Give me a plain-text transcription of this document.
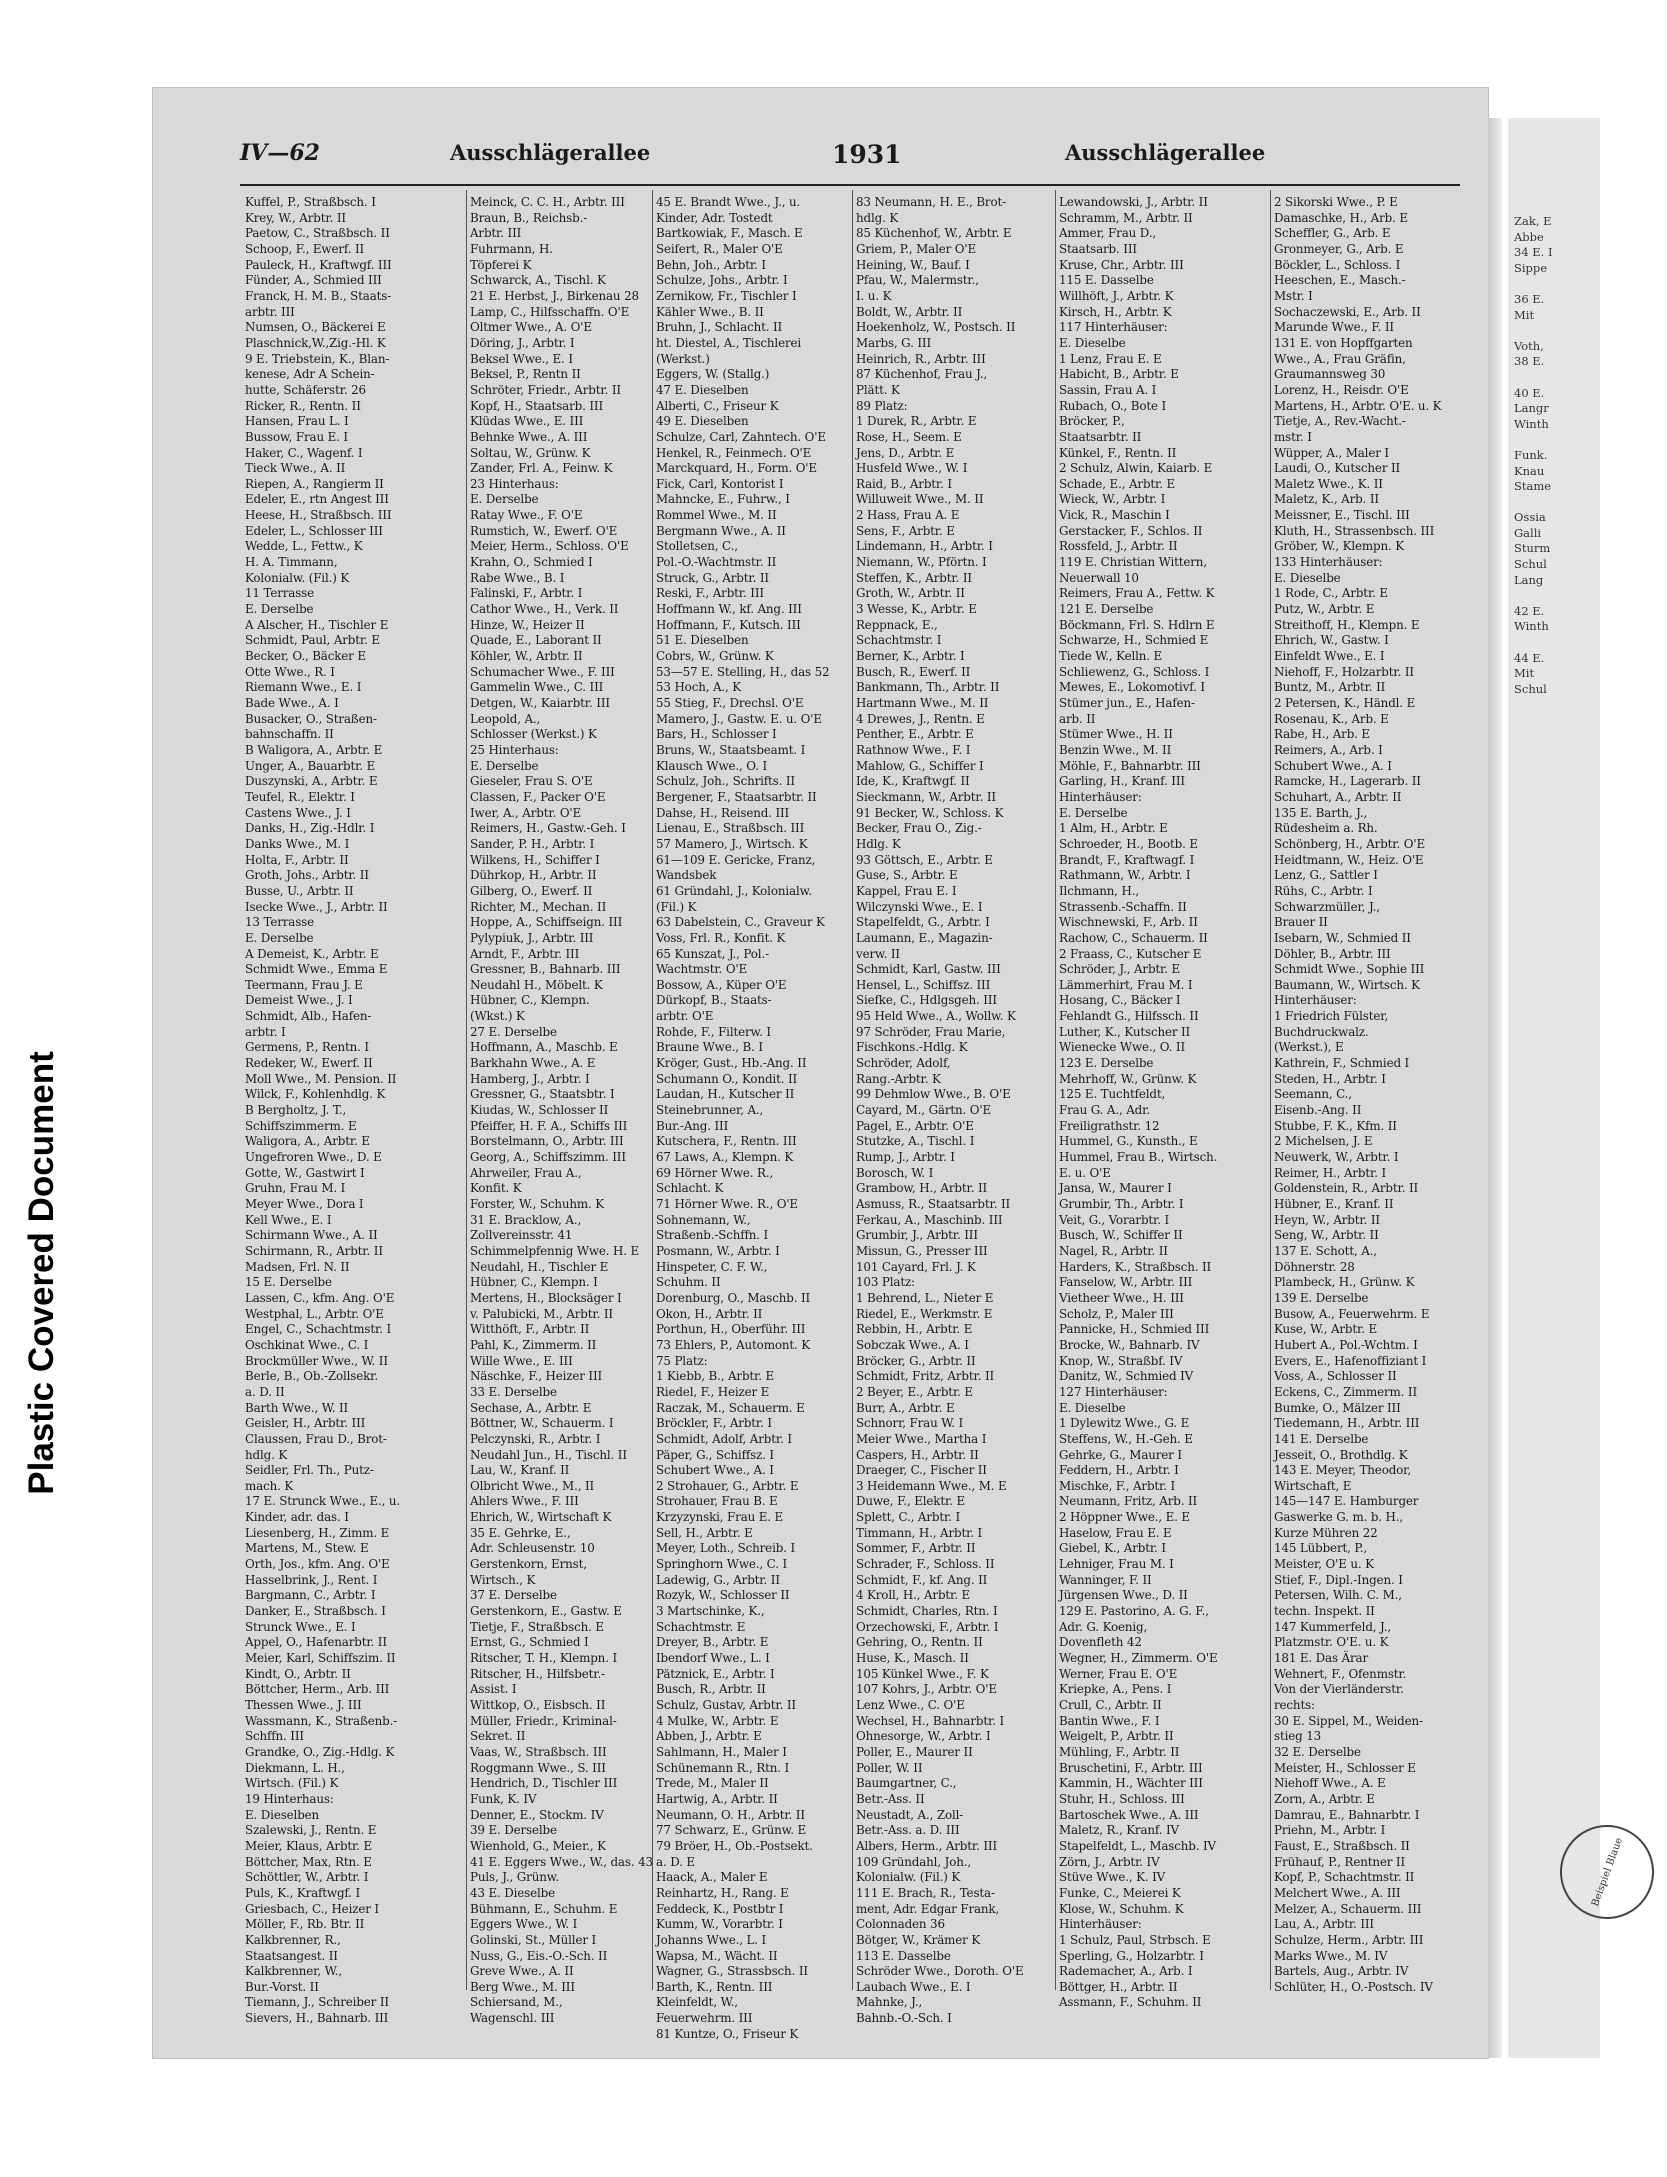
Plastic Covered Document
Zak, E
Abbe
34 E. I
Sippe

36 E.
Mit

Voth,
38 E.

40 E.
Langr
Winth

Funk.
Knau
Stame

Ossia
Galli
Sturm
Schul
Lang

42 E.
Winth

44 E.
Mit
Schul
Beispiel Blaue
IV—62	Ausschlägerallee	1931	Ausschlägerallee
Kuffel, P., Straßbsch. I
Krey, W., Arbtr. II
Paetow, C., Straßbsch. II
Schoop, F., Ewerf. II
Pauleck, H., Kraftwgf. III
Fünder, A., Schmied III
Franck, H. M. B., Staats-
arbtr. III
Numsen, O., Bäckerei E
Plaschnick,W.,Zig.-Hl. K
9 E. Triebstein, K., Blan-
kenese, Adr A Schein-
hutte, Schäferstr. 26
Ricker, R., Rentn. II
Hansen, Frau L. I
Bussow, Frau E. I
Haker, C., Wagenf. I
Tieck Wwe., A. II
Riepen, A., Rangierm II
Edeler, E., rtn Angest III
Heese, H., Straßbsch. III
Edeler, L., Schlosser III
Wedde, L., Fettw., K
H. A. Timmann,
Kolonialw. (Fil.) K
11 Terrasse
E. Derselbe
A Alscher, H., Tischler E
Schmidt, Paul, Arbtr. E
Becker, O., Bäcker E
Otte Wwe., R. I
Riemann Wwe., E. I
Bade Wwe., A. I
Busacker, O., Straßen-
bahnschaffn. II
B Waligora, A., Arbtr. E
Unger, A., Bauarbtr. E
Duszynski, A., Arbtr. E
Teufel, R., Elektr. I
Castens Wwe., J. I
Danks, H., Zig.-Hdlr. I
Danks Wwe., M. I
Holta, F., Arbtr. II
Groth, Johs., Arbtr. II
Busse, U., Arbtr. II
Isecke Wwe., J., Arbtr. II
13 Terrasse
E. Derselbe
A Demeist, K., Arbtr. E
Schmidt Wwe., Emma E
Teermann, Frau J. E
Demeist Wwe., J. I
Schmidt, Alb., Hafen-
arbtr. I
Germens, P., Rentn. I
Redeker, W., Ewerf. II
Moll Wwe., M. Pension. II
Wilck, F., Kohlenhdlg. K
B Bergholtz, J. T.,
Schiffszimmerm. E
Waligora, A., Arbtr. E
Ungefroren Wwe., D. E
Gotte, W., Gastwirt I
Gruhn, Frau M. I
Meyer Wwe., Dora I
Kell Wwe., E. I
Schirmann Wwe., A. II
Schirmann, R., Arbtr. II
Madsen, Frl. N. II
15 E. Derselbe
Lassen, C., kfm. Ang. O'E
Westphal, L., Arbtr. O'E
Engel, C., Schachtmstr. I
Oschkinat Wwe., C. I
Brockmüller Wwe., W. II
Berle, B., Ob.-Zollsekr.
a. D. II
Barth Wwe., W. II
Geisler, H., Arbtr. III
Claussen, Frau D., Brot-
hdlg. K
Seidler, Frl. Th., Putz-
mach. K
17 E. Strunck Wwe., E., u.
Kinder, adr. das. I
Liesenberg, H., Zimm. E
Martens, M., Stew. E
Orth, Jos., kfm. Ang. O'E
Hasselbrink, J., Rent. I
Bargmann, C., Arbtr. I
Danker, E., Straßbsch. I
Strunck Wwe., E. I
Appel, O., Hafenarbtr. II
Meier, Karl, Schiffszim. II
Kindt, O., Arbtr. II
Böttcher, Herm., Arb. III
Thessen Wwe., J. III
Wassmann, K., Straßenb.-
Schffn. III
Grandke, O., Zig.-Hdlg. K
Diekmann, L. H.,
Wirtsch. (Fil.) K
19 Hinterhaus:
E. Dieselben
Szalewski, J., Rentn. E
Meier, Klaus, Arbtr. E
Böttcher, Max, Rtn. E
Schöttler, W., Arbtr. I
Puls, K., Kraftwgf. I
Griesbach, C., Heizer I
Möller, F., Rb. Btr. II
Kalkbrenner, R.,
Staatsangest. II
Kalkbrenner, W.,
Bur.-Vorst. II
Tiemann, J., Schreiber II
Sievers, H., Bahnarb. III
Meinck, C. C. H., Arbtr. III
Braun, B., Reichsb.-
Arbtr. III
Fuhrmann, H.
Töpferei K
Schwarck, A., Tischl. K
21 E. Herbst, J., Birkenau 28
Lamp, C., Hilfsschaffn. O'E
Oltmer Wwe., A. O'E
Döring, J., Arbtr. I
Beksel Wwe., E. I
Beksel, P., Rentn II
Schröter, Friedr., Arbtr. II
Kopf, H., Staatsarb. III
Klüdas Wwe., E. III
Behnke Wwe., A. III
Soltau, W., Grünw. K
Zander, Frl. A., Feinw. K
23 Hinterhaus:
E. Derselbe
Ratay Wwe., F. O'E
Rumstich, W., Ewerf. O'E
Meier, Herm., Schloss. O'E
Krahn, O., Schmied I
Rabe Wwe., B. I
Falinski, F., Arbtr. I
Cathor Wwe., H., Verk. II
Hinze, W., Heizer II
Quade, E., Laborant II
Köhler, W., Arbtr. II
Schumacher Wwe., F. III
Gammelin Wwe., C. III
Detgen, W., Kaiarbtr. III
Leopold, A.,
Schlosser (Werkst.) K
25 Hinterhaus:
E. Derselbe
Gieseler, Frau S. O'E
Classen, F., Packer O'E
Iwer, A., Arbtr. O'E
Reimers, H., Gastw.-Geh. I
Sander, P. H., Arbtr. I
Wilkens, H., Schiffer I
Dührkop, H., Arbtr. II
Gilberg, O., Ewerf. II
Richter, M., Mechan. II
Hoppe, A., Schiffseign. III
Pylypiuk, J., Arbtr. III
Arndt, F., Arbtr. III
Gressner, B., Bahnarb. III
Neudahl H., Möbelt. K
Hübner, C., Klempn.
(Wkst.) K
27 E. Derselbe
Hoffmann, A., Maschb. E
Barkhahn Wwe., A. E
Hamberg, J., Arbtr. I
Gressner, G., Staatsbtr. I
Kiudas, W., Schlosser II
Pfeiffer, H. F. A., Schiffs III
Borstelmann, O., Arbtr. III
Georg, A., Schiffszimm. III
Ahrweiler, Frau A.,
Konfit. K
Forster, W., Schuhm. K
31 E. Bracklow, A.,
Zollvereinsstr. 41
Schimmelpfennig Wwe. H. E
Neudahl, H., Tischler E
Hübner, C., Klempn. I
Mertens, H., Blocksäger I
v. Palubicki, M., Arbtr. II
Witthöft, F., Arbtr. II
Pahl, K., Zimmerm. II
Wille Wwe., E. III
Näschke, F., Heizer III
33 E. Derselbe
Sechase, A., Arbtr. E
Böttner, W., Schauerm. I
Pelczynski, R., Arbtr. I
Neudahl Jun., H., Tischl. II
Lau, W., Kranf. II
Olbricht Wwe., M., II
Ahlers Wwe., F. III
Ehrich, W., Wirtschaft K
35 E. Gehrke, E.,
Adr. Schleusenstr. 10
Gerstenkorn, Ernst,
Wirtsch., K
37 E. Derselbe
Gerstenkorn, E., Gastw. E
Tietje, F., Straßbsch. E
Ernst, G., Schmied I
Ritscher, T. H., Klempn. I
Ritscher, H., Hilfsbetr.-
Assist. I
Wittkop, O., Eisbsch. II
Müller, Friedr., Kriminal-
Sekret. II
Vaas, W., Straßbsch. III
Roggmann Wwe., S. III
Hendrich, D., Tischler III
Funk, K. IV
Denner, E., Stockm. IV
39 E. Derselbe
Wienhold, G., Meier., K
41 E. Eggers Wwe., W., das. 43
Puls, J., Grünw.
43 E. Dieselbe
Bühmann, E., Schuhm. E
Eggers Wwe., W. I
Golinski, St., Müller I
Nuss, G., Eis.-O.-Sch. II
Greve Wwe., A. II
Berg Wwe., M. III
Schiersand, M.,
Wagenschl. III
45 E. Brandt Wwe., J., u.
Kinder, Adr. Tostedt
Bartkowiak, F., Masch. E
Seifert, R., Maler O'E
Behn, Joh., Arbtr. I
Schulze, Johs., Arbtr. I
Zernikow, Fr., Tischler I
Kähler Wwe., B. II
Bruhn, J., Schlacht. II
ht. Diestel, A., Tischlerei
(Werkst.)
Eggers, W. (Stallg.)
47 E. Dieselben
Alberti, C., Friseur K
49 E. Dieselben
Schulze, Carl, Zahntech. O'E
Henkel, R., Feinmech. O'E
Marckquard, H., Form. O'E
Fick, Carl, Kontorist I
Mahncke, E., Fuhrw., I
Rommel Wwe., M. II
Bergmann Wwe., A. II
Stolletsen, C.,
Pol.-O.-Wachtmstr. II
Struck, G., Arbtr. II
Reski, F., Arbtr. III
Hoffmann W., kf. Ang. III
Hoffmann, F., Kutsch. III
51 E. Dieselben
Cobrs, W., Grünw. K
53—57 E. Stelling, H., das 52
53 Hoch, A., K
55 Stieg, F., Drechsl. O'E
Mamero, J., Gastw. E. u. O'E
Bars, H., Schlosser I
Bruns, W., Staatsbeamt. I
Klausch Wwe., O. I
Schulz, Joh., Schrifts. II
Bergener, F., Staatsarbtr. II
Dahse, H., Reisend. III
Lienau, E., Straßbsch. III
57 Mamero, J., Wirtsch. K
61—109 E. Gericke, Franz,
Wandsbek
61 Gründahl, J., Kolonialw.
(Fil.) K
63 Dabelstein, C., Graveur K
Voss, Frl. R., Konfit. K
65 Kunszat, J., Pol.-
Wachtmstr. O'E
Bossow, A., Küper O'E
Dürkopf, B., Staats-
arbtr. O'E
Rohde, F., Filterw. I
Braune Wwe., B. I
Kröger, Gust., Hb.-Ang. II
Schumann O., Kondit. II
Laudan, H., Kutscher II
Steinebrunner, A.,
Bur.-Ang. III
Kutschera, F., Rentn. III
67 Laws, A., Klempn. K
69 Hörner Wwe. R.,
Schlacht. K
71 Hörner Wwe. R., O'E
Sohnemann, W.,
Straßenb.-Schffn. I
Posmann, W., Arbtr. I
Hinspeter, C. F. W.,
Schuhm. II
Dorenburg, O., Maschb. II
Okon, H., Arbtr. II
Porthun, H., Oberführ. III
73 Ehlers, P., Automont. K
75 Platz:
1 Kiebb, B., Arbtr. E
Riedel, F., Heizer E
Raczak, M., Schauerm. E
Bröckler, F., Arbtr. I
Schmidt, Adolf, Arbtr. I
Päper, G., Schiffsz. I
Schubert Wwe., A. I
2 Strohauer, G., Arbtr. E
Strohauer, Frau B. E
Krzyzynski, Frau E. E
Sell, H., Arbtr. E
Meyer, Loth., Schreib. I
Springhorn Wwe., C. I
Ladewig, G., Arbtr. II
Rozyk, W., Schlosser II
3 Martschinke, K.,
Schachtmstr. E
Dreyer, B., Arbtr. E
Ibendorf Wwe., L. I
Pätznick, E., Arbtr. I
Busch, R., Arbtr. II
Schulz, Gustav, Arbtr. II
4 Mulke, W., Arbtr. E
Abben, J., Arbtr. E
Sahlmann, H., Maler I
Schünemann R., Rtn. I
Trede, M., Maler II
Hartwig, A., Arbtr. II
Neumann, O. H., Arbtr. II
77 Schwarz, E., Grünw. E
79 Bröer, H., Ob.-Postsekt.
a. D. E
Haack, A., Maler E
Reinhartz, H., Rang. E
Feddeck, K., Postbtr I
Kumm, W., Vorarbtr. I
Johanns Wwe., L. I
Wapsa, M., Wächt. II
Wagner, G., Strassbsch. II
Barth, K., Rentn. III
Kleinfeldt, W.,
Feuerwehrm. III
81 Kuntze, O., Friseur K
83 Neumann, H. E., Brot-
hdlg. K
85 Küchenhof, W., Arbtr. E
Griem, P., Maler O'E
Heining, W., Bauf. I
Pfau, W., Malermstr.,
I. u. K
Boldt, W., Arbtr. II
Hoekenholz, W., Postsch. II
Marbs, G. III
Heinrich, R., Arbtr. III
87 Küchenhof, Frau J.,
Plätt. K
89 Platz:
1 Durek, R., Arbtr. E
Rose, H., Seem. E
Jens, D., Arbtr. E
Husfeld Wwe., W. I
Raid, B., Arbtr. I
Willuweit Wwe., M. II
2 Hass, Frau A. E
Sens, F., Arbtr. E
Lindemann, H., Arbtr. I
Niemann, W., Pförtn. I
Steffen, K., Arbtr. II
Groth, W., Arbtr. II
3 Wesse, K., Arbtr. E
Reppnack, E.,
Schachtmstr. I
Berner, K., Arbtr. I
Busch, R., Ewerf. II
Bankmann, Th., Arbtr. II
Hartmann Wwe., M. II
4 Drewes, J., Rentn. E
Penther, E., Arbtr. E
Rathnow Wwe., F. I
Mahlow, G., Schiffer I
Ide, K., Kraftwgf. II
Sieckmann, W., Arbtr. II
91 Becker, W., Schloss. K
Becker, Frau O., Zig.-
Hdlg. K
93 Göttsch, E., Arbtr. E
Guse, S., Arbtr. E
Kappel, Frau E. I
Wilczynski Wwe., E. I
Stapelfeldt, G., Arbtr. I
Laumann, E., Magazin-
verw. II
Schmidt, Karl, Gastw. III
Hensel, L., Schiffsz. III
Siefke, C., Hdlgsgeh. III
95 Held Wwe., A., Wollw. K
97 Schröder, Frau Marie,
Fischkons.-Hdlg. K
Schröder, Adolf,
Rang.-Arbtr. K
99 Dehmlow Wwe., B. O'E
Cayard, M., Gärtn. O'E
Pagel, E., Arbtr. O'E
Stutzke, A., Tischl. I
Rump, J., Arbtr. I
Borosch, W. I
Grambow, H., Arbtr. II
Asmuss, R., Staatsarbtr. II
Ferkau, A., Maschinb. III
Grumbir, J., Arbtr. III
Missun, G., Presser III
101 Cayard, Frl. J. K
103 Platz:
1 Behrend, L., Nieter E
Riedel, E., Werkmstr. E
Rebbin, H., Arbtr. E
Sobczak Wwe., A. I
Bröcker, G., Arbtr. II
Schmidt, Fritz, Arbtr. II
2 Beyer, E., Arbtr. E
Burr, A., Arbtr. E
Schnorr, Frau W. I
Meier Wwe., Martha I
Caspers, H., Arbtr. II
Draeger, C., Fischer II
3 Heidemann Wwe., M. E
Duwe, F., Elektr. E
Splett, C., Arbtr. I
Timmann, H., Arbtr. I
Sommer, F., Arbtr. II
Schrader, F., Schloss. II
Schmidt, F., kf. Ang. II
4 Kroll, H., Arbtr. E
Schmidt, Charles, Rtn. I
Orzechowski, F., Arbtr. I
Gehring, O., Rentn. II
Huse, K., Masch. II
105 Künkel Wwe., F. K
107 Kohrs, J., Arbtr. O'E
Lenz Wwe., C. O'E
Wechsel, H., Bahnarbtr. I
Ohnesorge, W., Arbtr. I
Poller, E., Maurer II
Poller, W. II
Baumgartner, C.,
Betr.-Ass. II
Neustadt, A., Zoll-
Betr.-Ass. a. D. III
Albers, Herm., Arbtr. III
109 Gründahl, Joh.,
Kolonialw. (Fil.) K
111 E. Brach, R., Testa-
ment, Adr. Edgar Frank,
Colonnaden 36
Bötger, W., Krämer K
113 E. Dasselbe
Schröder Wwe., Doroth. O'E
Laubach Wwe., E. I
Mahnke, J.,
Bahnb.-O.-Sch. I
Lewandowski, J., Arbtr. II
Schramm, M., Arbtr. II
Ammer, Frau D.,
Staatsarb. III
Kruse, Chr., Arbtr. III
115 E. Dasselbe
Willhöft, J., Arbtr. K
Kirsch, H., Arbtr. K
117 Hinterhäuser:
E. Dieselbe
1 Lenz, Frau E. E
Habicht, B., Arbtr. E
Sassin, Frau A. I
Rubach, O., Bote I
Bröcker, P.,
Staatsarbtr. II
Künkel, F., Rentn. II
2 Schulz, Alwin, Kaiarb. E
Schade, E., Arbtr. E
Wieck, W., Arbtr. I
Vick, R., Maschin I
Gerstacker, F., Schlos. II
Rossfeld, J., Arbtr. II
119 E. Christian Wittern,
Neuerwall 10
Reimers, Frau A., Fettw. K
121 E. Derselbe
Böckmann, Frl. S. Hdlrn E
Schwarze, H., Schmied E
Tiede W., Kelln. E
Schliewenz, G., Schloss. I
Mewes, E., Lokomotivf. I
Stümer jun., E., Hafen-
arb. II
Stümer Wwe., H. II
Benzin Wwe., M. II
Möhle, F., Bahnarbtr. III
Garling, H., Kranf. III
Hinterhäuser:
E. Derselbe
1 Alm, H., Arbtr. E
Schroeder, H., Bootb. E
Brandt, F., Kraftwagf. I
Rathmann, W., Arbtr. I
Ilchmann, H.,
Strassenb.-Schaffn. II
Wischnewski, F., Arb. II
Rachow, C., Schauerm. II
2 Fraass, C., Kutscher E
Schröder, J., Arbtr. E
Lämmerhirt, Frau M. I
Hosang, C., Bäcker I
Fehlandt G., Hilfssch. II
Luther, K., Kutscher II
Wienecke Wwe., O. II
123 E. Derselbe
Mehrhoff, W., Grünw. K
125 E. Tuchtfeldt,
Frau G. A., Adr.
Freiligrathstr. 12
Hummel, G., Kunsth., E
Hummel, Frau B., Wirtsch.
E. u. O'E
Jansa, W., Maurer I
Grumbir, Th., Arbtr. I
Veit, G., Vorarbtr. I
Busch, W., Schiffer II
Nagel, R., Arbtr. II
Harders, K., Straßbsch. II
Fanselow, W., Arbtr. III
Vietheer Wwe., H. III
Scholz, P., Maler III
Pannicke, H., Schmied III
Brocke, W., Bahnarb. IV
Knop, W., Straßbf. IV
Danitz, W., Schmied IV
127 Hinterhäuser:
E. Dieselbe
1 Dylewitz Wwe., G. E
Steffens, W., H.-Geh. E
Gehrke, G., Maurer I
Feddern, H., Arbtr. I
Mischke, F., Arbtr. I
Neumann, Fritz, Arb. II
2 Höppner Wwe., E. E
Haselow, Frau E. E
Giebel, K., Arbtr. I
Lehniger, Frau M. I
Wanninger, F. II
Jürgensen Wwe., D. II
129 E. Pastorino, A. G. F.,
Adr. G. Koenig,
Dovenfleth 42
Wegner, H., Zimmerm. O'E
Werner, Frau E. O'E
Kriepke, A., Pens. I
Crull, C., Arbtr. II
Bantin Wwe., F. I
Weigelt, P., Arbtr. II
Mühling, F., Arbtr. II
Bruschetini, F., Arbtr. III
Kammin, H., Wächter III
Stuhr, H., Schloss. III
Bartoschek Wwe., A. III
Maletz, R., Kranf. IV
Stapelfeldt, L., Maschb. IV
Zörn, J., Arbtr. IV
Stüve Wwe., K. IV
Funke, C., Meierei K
Klose, W., Schuhm. K
Hinterhäuser:
1 Schulz, Paul, Strbsch. E
Sperling, G., Holzarbtr. I
Rademacher, A., Arb. I
Böttger, H., Arbtr. II
Assmann, F., Schuhm. II
2 Sikorski Wwe., P. E
Damaschke, H., Arb. E
Scheffler, G., Arb. E
Gronmeyer, G., Arb. E
Böckler, L., Schloss. I
Heeschen, E., Masch.-
Mstr. I
Sochaczewski, E., Arb. II
Marunde Wwe., F. II
131 E. von Hopffgarten
Wwe., A., Frau Gräfin,
Graumannsweg 30
Lorenz, H., Reisdr. O'E
Martens, H., Arbtr. O'E. u. K
Tietje, A., Rev.-Wacht.-
mstr. I
Wüpper, A., Maler I
Laudi, O., Kutscher II
Maletz Wwe., K. II
Maletz, K., Arb. II
Meissner, E., Tischl. III
Kluth, H., Strassenbsch. III
Gröber, W., Klempn. K
133 Hinterhäuser:
E. Dieselbe
1 Rode, C., Arbtr. E
Putz, W., Arbtr. E
Streithoff, H., Klempn. E
Ehrich, W., Gastw. I
Einfeldt Wwe., E. I
Niehoff, F., Holzarbtr. II
Buntz, M., Arbtr. II
2 Petersen, K., Händl. E
Rosenau, K., Arb. E
Rabe, H., Arb. E
Reimers, A., Arb. I
Schubert Wwe., A. I
Ramcke, H., Lagerarb. II
Schuhart, A., Arbtr. II
135 E. Barth, J.,
Rüdesheim a. Rh.
Schönberg, H., Arbtr. O'E
Heidtmann, W., Heiz. O'E
Lenz, G., Sattler I
Rühs, C., Arbtr. I
Schwarzmüller, J.,
Brauer II
Isebarn, W., Schmied II
Döhler, B., Arbtr. III
Schmidt Wwe., Sophie III
Baumann, W., Wirtsch. K
Hinterhäuser:
1 Friedrich Fülster,
Buchdruckwalz.
(Werkst.), E
Kathrein, F., Schmied I
Steden, H., Arbtr. I
Seemann, C.,
Eisenb.-Ang. II
Stubbe, F. K., Kfm. II
2 Michelsen, J. E
Neuwerk, W., Arbtr. I
Reimer, H., Arbtr. I
Goldenstein, R., Arbtr. II
Hübner, E., Kranf. II
Heyn, W., Arbtr. II
Seng, W., Arbtr. II
137 E. Schott, A.,
Döhnerstr. 28
Plambeck, H., Grünw. K
139 E. Derselbe
Busow, A., Feuerwehrm. E
Kuse, W., Arbtr. E
Hubert A., Pol.-Wchtm. I
Evers, E., Hafenoffiziant I
Voss, A., Schlosser II
Eckens, C., Zimmerm. II
Bumke, O., Mälzer III
Tiedemann, H., Arbtr. III
141 E. Derselbe
Jesseit, O., Brothdlg. K
143 E. Meyer, Theodor,
Wirtschaft, E
145—147 E. Hamburger
Gaswerke G. m. b. H.,
Kurze Mühren 22
145 Lübbert, P.,
Meister, O'E u. K
Stief, F., Dipl.-Ingen. I
Petersen, Wilh. C. M.,
techn. Inspekt. II
147 Kummerfeld, J.,
Platzmstr. O'E. u. K
181 E. Das Ärar
Wehnert, F., Ofenmstr.
Von der Vierländerstr.
rechts:
30 E. Sippel, M., Weiden-
stieg 13
32 E. Derselbe
Meister, H., Schlosser E
Niehoff Wwe., A. E
Zorn, A., Arbtr. E
Damrau, E., Bahnarbtr. I
Priehn, M., Arbtr. I
Faust, E., Straßbsch. II
Frühauf, P., Rentner II
Kopf, P., Schachtmstr. II
Melchert Wwe., A. III
Melzer, A., Schauerm. III
Lau, A., Arbtr. III
Schulze, Herm., Arbtr. III
Marks Wwe., M. IV
Bartels, Aug., Arbtr. IV
Schlüter, H., O.-Postsch. IV
